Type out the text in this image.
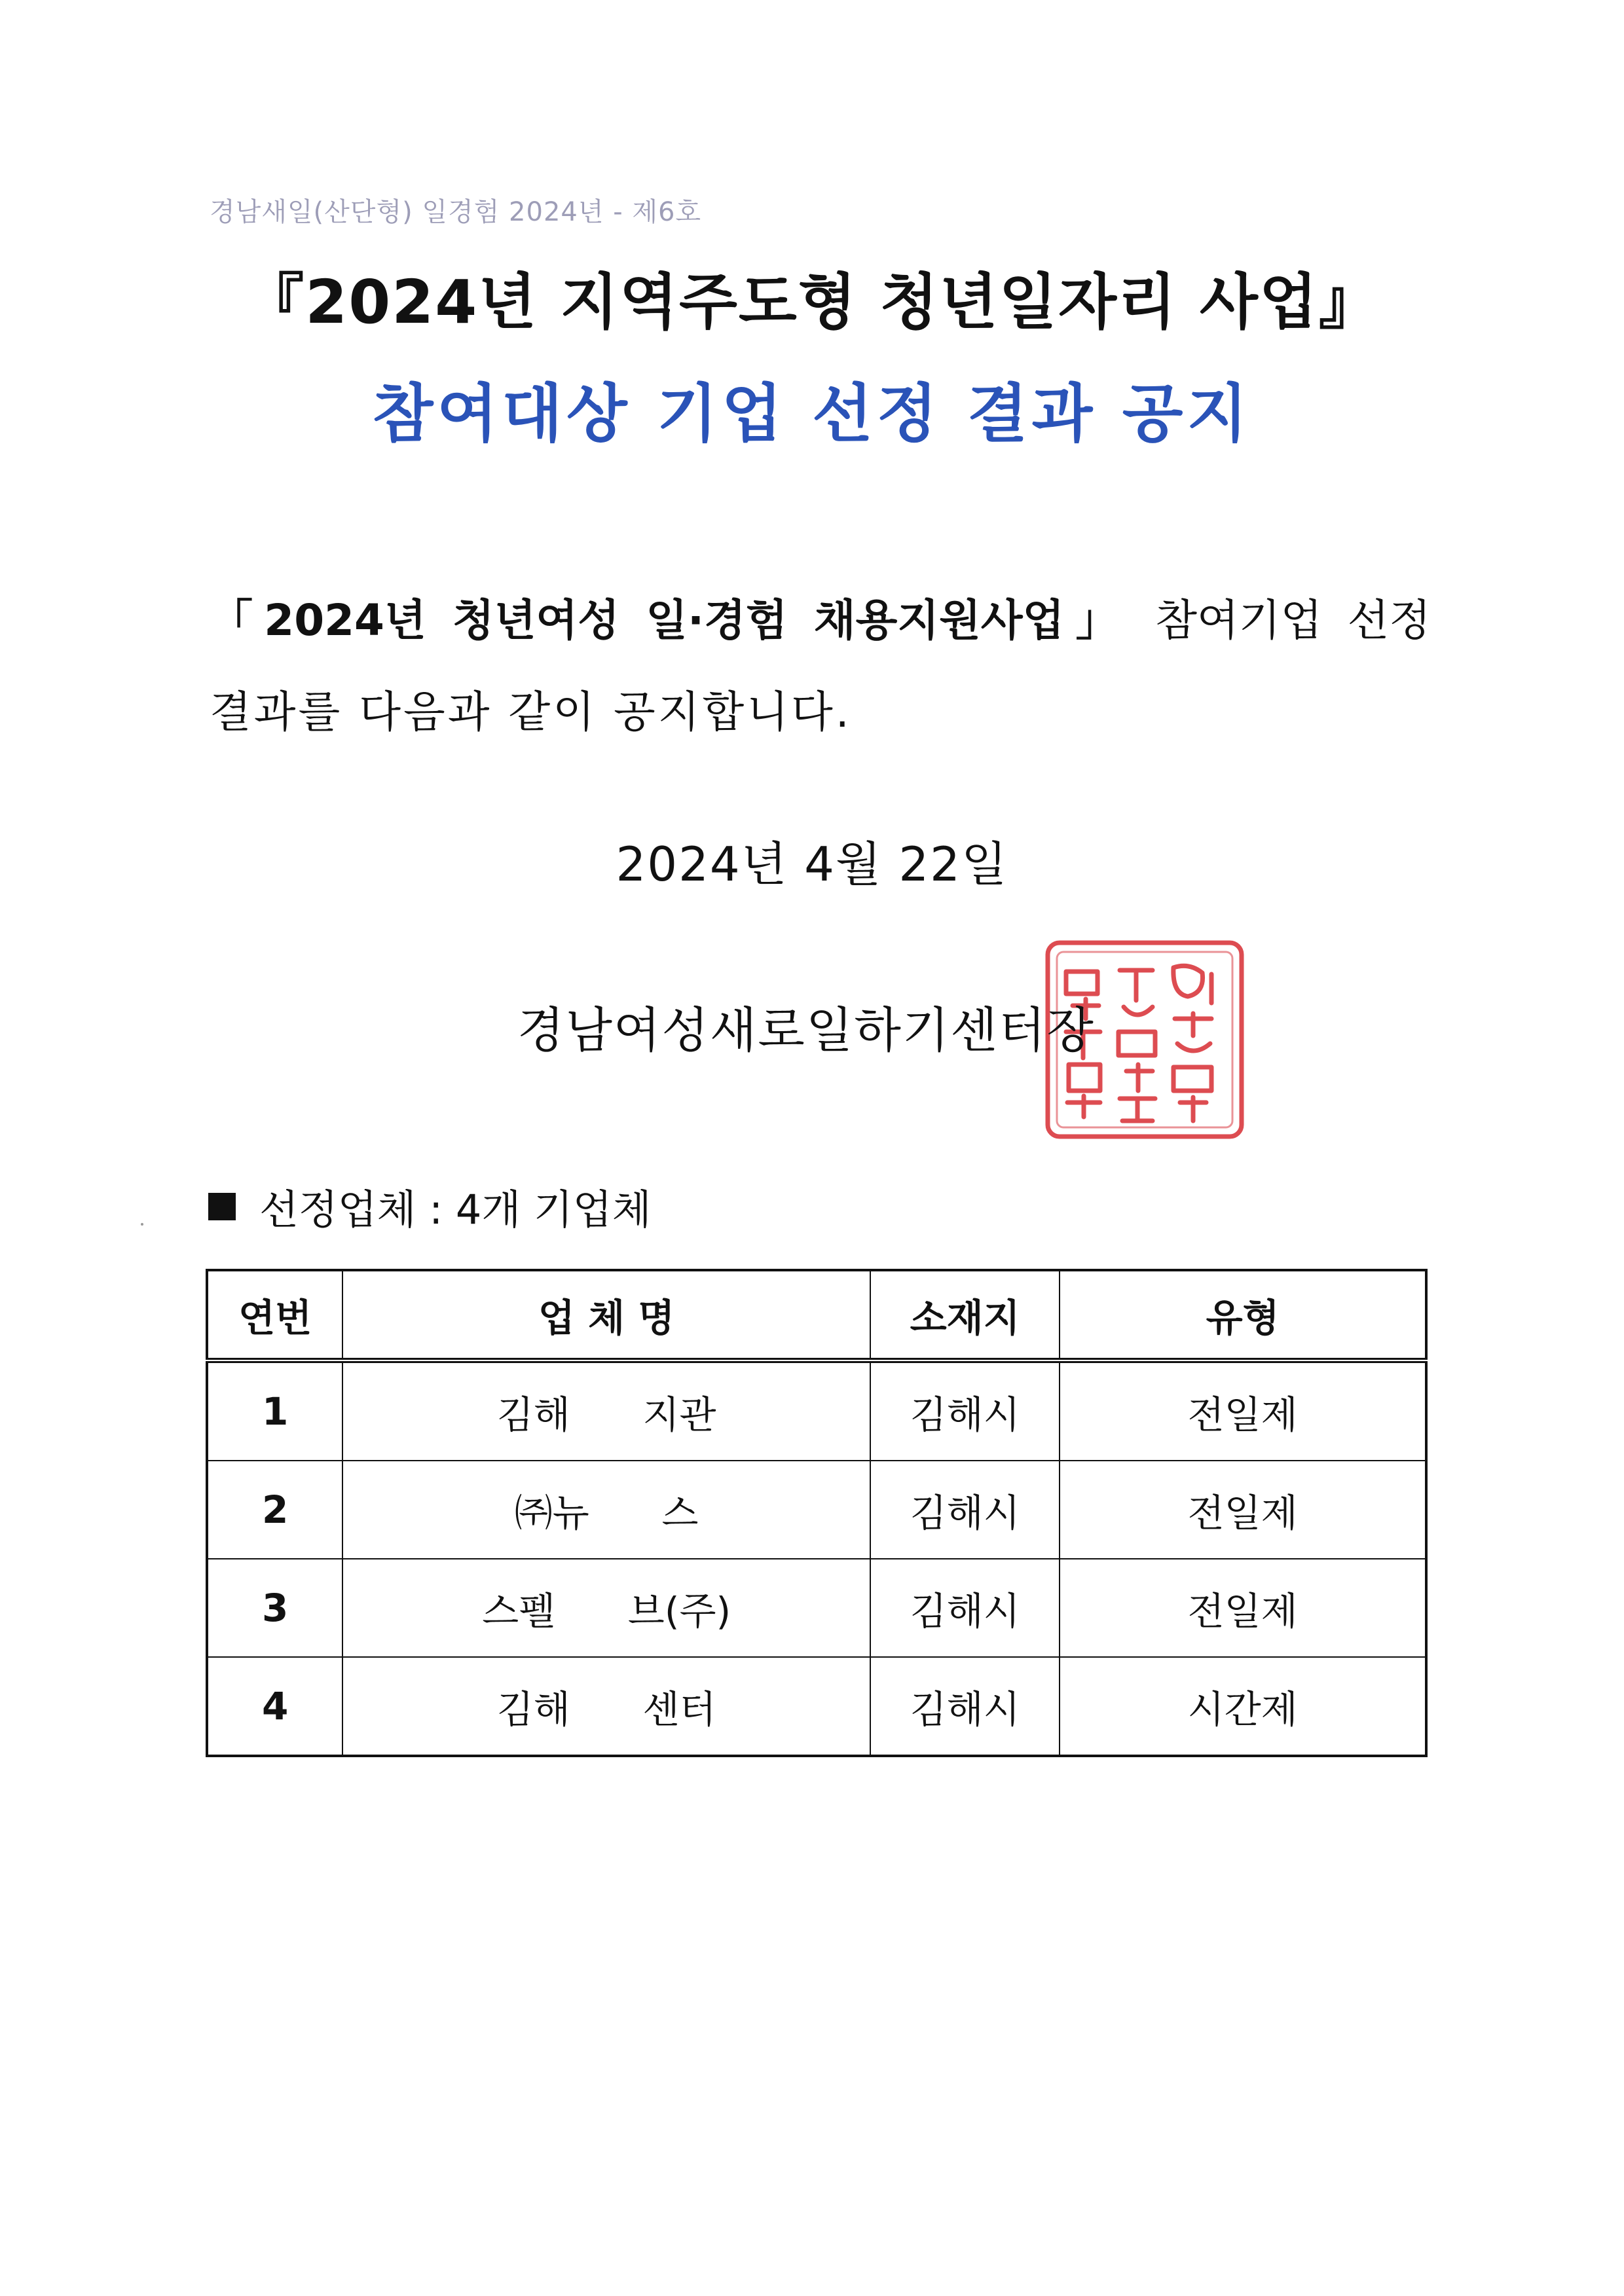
경남새일(산단형) 일경험 2024년 - 제6호
『2024년 지역주도형 청년일자리 사업』
참여대상 기업 선정 결과 공지
「2024년 청년여성 일·경험 채용지원사업」 참여기업 선정
결과를 다음과 같이 공지합니다.
2024년 4월 22일
경남여성새로일하기센터장
선정업체 : 4개 기업체
연번	업 체 명	소재지	유형
1	김해      지관	김해시	전일제
2	㈜뉴      스	김해시	전일제
3	스펠      브(주)	김해시	전일제
4	김해      센터	김해시	시간제
